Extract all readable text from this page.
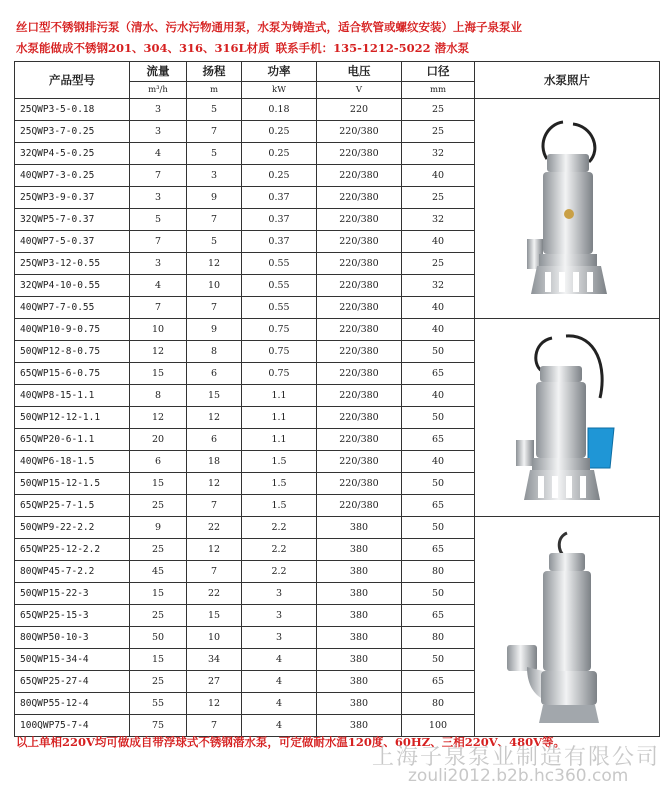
丝口型不锈钢排污泵（清水、污水污物通用泵，水泵为铸造式，适合软管或螺纹安装）上海子泉泵业
水泵能做成不锈钢201、304、316、316L材质 联系手机：135-1212-5022 潜水泵
产品型号	流量	扬程	功率	电压	口径	水泵照片
	m³/h	m	kW	V	mm	
25QWP3-5-0.18	3	5	0.18	220	25	

25QWP3-7-0.25	3	7	0.25	220/380	25	
32QWP4-5-0.25	4	5	0.25	220/380	32	
40QWP7-3-0.25	7	3	0.25	220/380	40	
25QWP3-9-0.37	3	9	0.37	220/380	25	
32QWP5-7-0.37	5	7	0.37	220/380	32	
40QWP7-5-0.37	7	5	0.37	220/380	40	
25QWP3-12-0.55	3	12	0.55	220/380	25	
32QWP4-10-0.55	4	10	0.55	220/380	32	
40QWP7-7-0.55	7	7	0.55	220/380	40	
40QWP10-9-0.75	10	9	0.75	220/380	40	

50QWP12-8-0.75	12	8	0.75	220/380	50	
65QWP15-6-0.75	15	6	0.75	220/380	65	
40QWP8-15-1.1	8	15	1.1	220/380	40	
50QWP12-12-1.1	12	12	1.1	220/380	50	
65QWP20-6-1.1	20	6	1.1	220/380	65	
40QWP6-18-1.5	6	18	1.5	220/380	40	
50QWP15-12-1.5	15	12	1.5	220/380	50	
65QWP25-7-1.5	25	7	1.5	220/380	65	
50QWP9-22-2.2	9	22	2.2	380	50	

65QWP25-12-2.2	25	12	2.2	380	65	
80QWP45-7-2.2	45	7	2.2	380	80	
50QWP15-22-3	15	22	3	380	50	
65QWP25-15-3	25	15	3	380	65	
80QWP50-10-3	50	10	3	380	80	
50QWP15-34-4	15	34	4	380	50	
65QWP25-27-4	25	27	4	380	65	
80QWP55-12-4	55	12	4	380	80	
100QWP75-7-4	75	7	4	380	100	
以上单相220V均可做成自带浮球式不锈钢潜水泵，可定做耐水温120度、60HZ、三相220V、480V等。
上海子泉泵业制造有限公司
zouli2012.b2b.hc360.com
